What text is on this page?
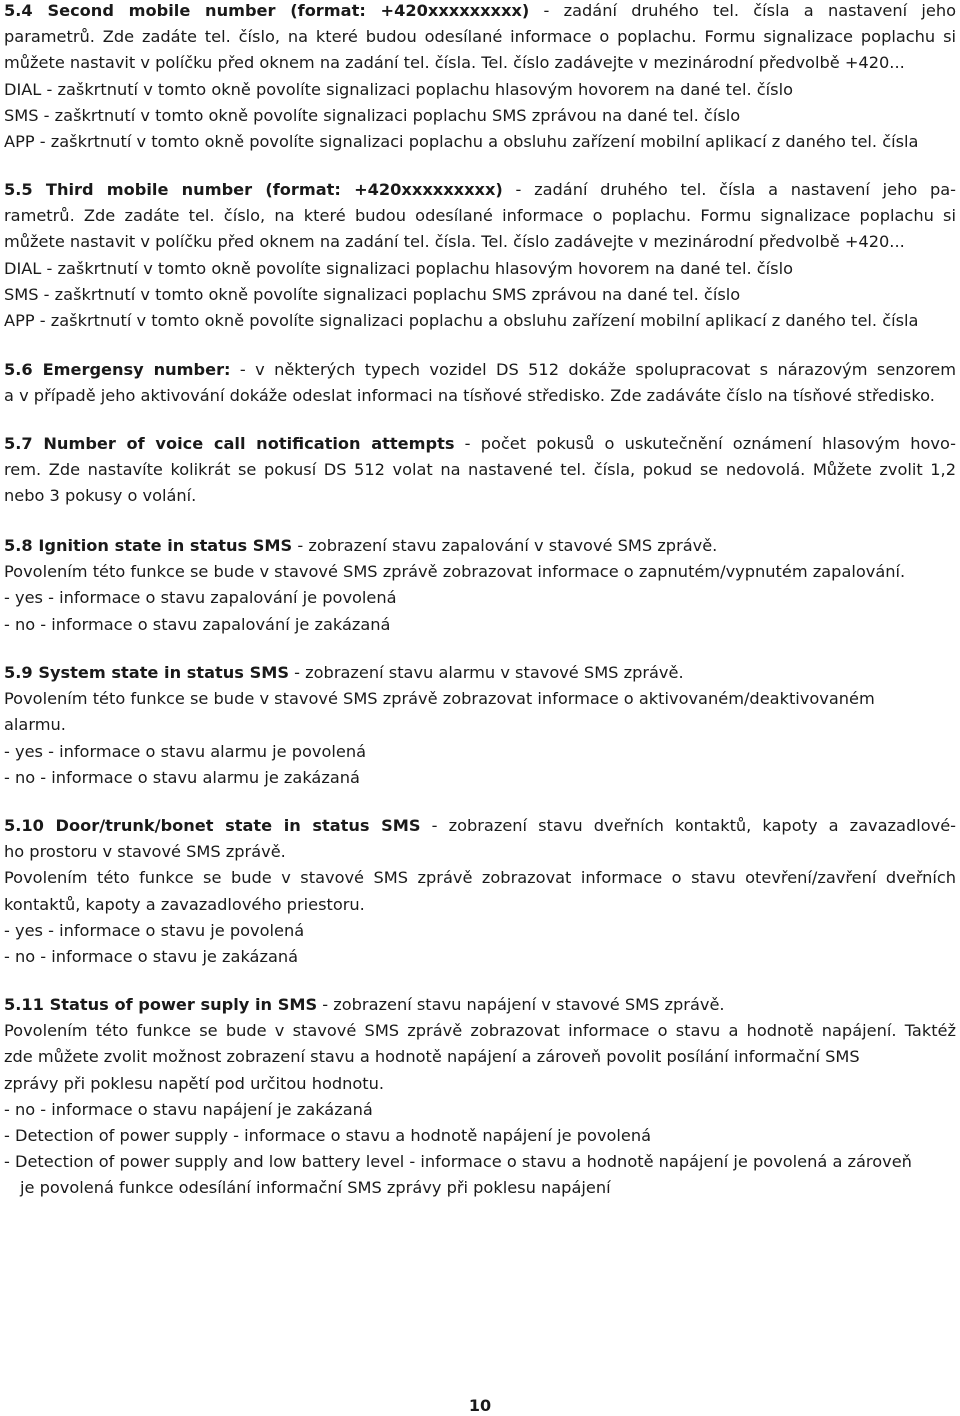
5.4 Second mobile number (format: +420xxxxxxxxx) - zadání druhého tel. čísla a nastavení jeho
parametrů. Zde zadáte tel. číslo, na které budou odesílané informace o poplachu. Formu signalizace poplachu si
můžete nastavit v políčku před oknem na zadání tel. čísla. Tel. číslo zadávejte v mezinárodní předvolbě +420...
DIAL - zaškrtnutí v tomto okně povolíte signalizaci poplachu hlasovým hovorem na dané tel. číslo
SMS - zaškrtnutí v tomto okně povolíte signalizaci poplachu SMS zprávou na dané tel. číslo
APP - zaškrtnutí v tomto okně povolíte signalizaci poplachu a obsluhu zařízení mobilní aplikací z daného tel. čísla
5.5 Third mobile number (format: +420xxxxxxxxx) - zadání druhého tel. čísla a nastavení jeho pa-
rametrů. Zde zadáte tel. číslo, na které budou odesílané informace o poplachu. Formu signalizace poplachu si
můžete nastavit v políčku před oknem na zadání tel. čísla. Tel. číslo zadávejte v mezinárodní předvolbě +420...
DIAL - zaškrtnutí v tomto okně povolíte signalizaci poplachu hlasovým hovorem na dané tel. číslo
SMS - zaškrtnutí v tomto okně povolíte signalizaci poplachu SMS zprávou na dané tel. číslo
APP - zaškrtnutí v tomto okně povolíte signalizaci poplachu a obsluhu zařízení mobilní aplikací z daného tel. čísla
5.6 Emergensy number: - v některých typech vozidel DS 512 dokáže spolupracovat s nárazovým senzorem
a v případě jeho aktivování dokáže odeslat informaci na tísňové středisko. Zde zadáváte číslo na tísňové středisko.
5.7 Number of voice call notification attempts - počet pokusů o uskutečnění oznámení hlasovým hovo-
rem. Zde nastavíte kolikrát se pokusí DS 512 volat na nastavené tel. čísla, pokud se nedovolá. Můžete zvolit 1,2
nebo 3 pokusy o volání.
5.8 Ignition state in status SMS - zobrazení stavu zapalování v stavové SMS zprávě.
Povolením této funkce se bude v stavové SMS zprávě zobrazovat informace o zapnutém/vypnutém zapalování.
- yes - informace o stavu zapalování je povolená
- no - informace o stavu zapalování je zakázaná
5.9 System state in status SMS - zobrazení stavu alarmu v stavové SMS zprávě.
Povolením této funkce se bude v stavové SMS zprávě zobrazovat informace o aktivovaném/deaktivovaném
alarmu.
- yes - informace o stavu alarmu je povolená
- no - informace o stavu alarmu je zakázaná
5.10 Door/trunk/bonet state in status SMS - zobrazení stavu dveřních kontaktů, kapoty a zavazadlové-
ho prostoru v stavové SMS zprávě.
Povolením této funkce se bude v stavové SMS zprávě zobrazovat informace o stavu otevření/zavření dveřních
kontaktů, kapoty a zavazadlového priestoru.
- yes - informace o stavu je povolená
- no - informace o stavu je zakázaná
5.11 Status of power suply in SMS - zobrazení stavu napájení v stavové SMS zprávě.
Povolením této funkce se bude v stavové SMS zprávě zobrazovat informace o stavu a hodnotě napájení. Taktéž
zde můžete zvolit možnost zobrazení stavu a hodnotě napájení a zároveň povolit posílání informační SMS
zprávy při poklesu napětí pod určitou hodnotu.
- no - informace o stavu napájení je zakázaná
- Detection of power supply - informace o stavu a hodnotě napájení je povolená
- Detection of power supply and low battery level - informace o stavu a hodnotě napájení je povolená a zároveň
je povolená funkce odesílání informační SMS zprávy při poklesu napájení
10
